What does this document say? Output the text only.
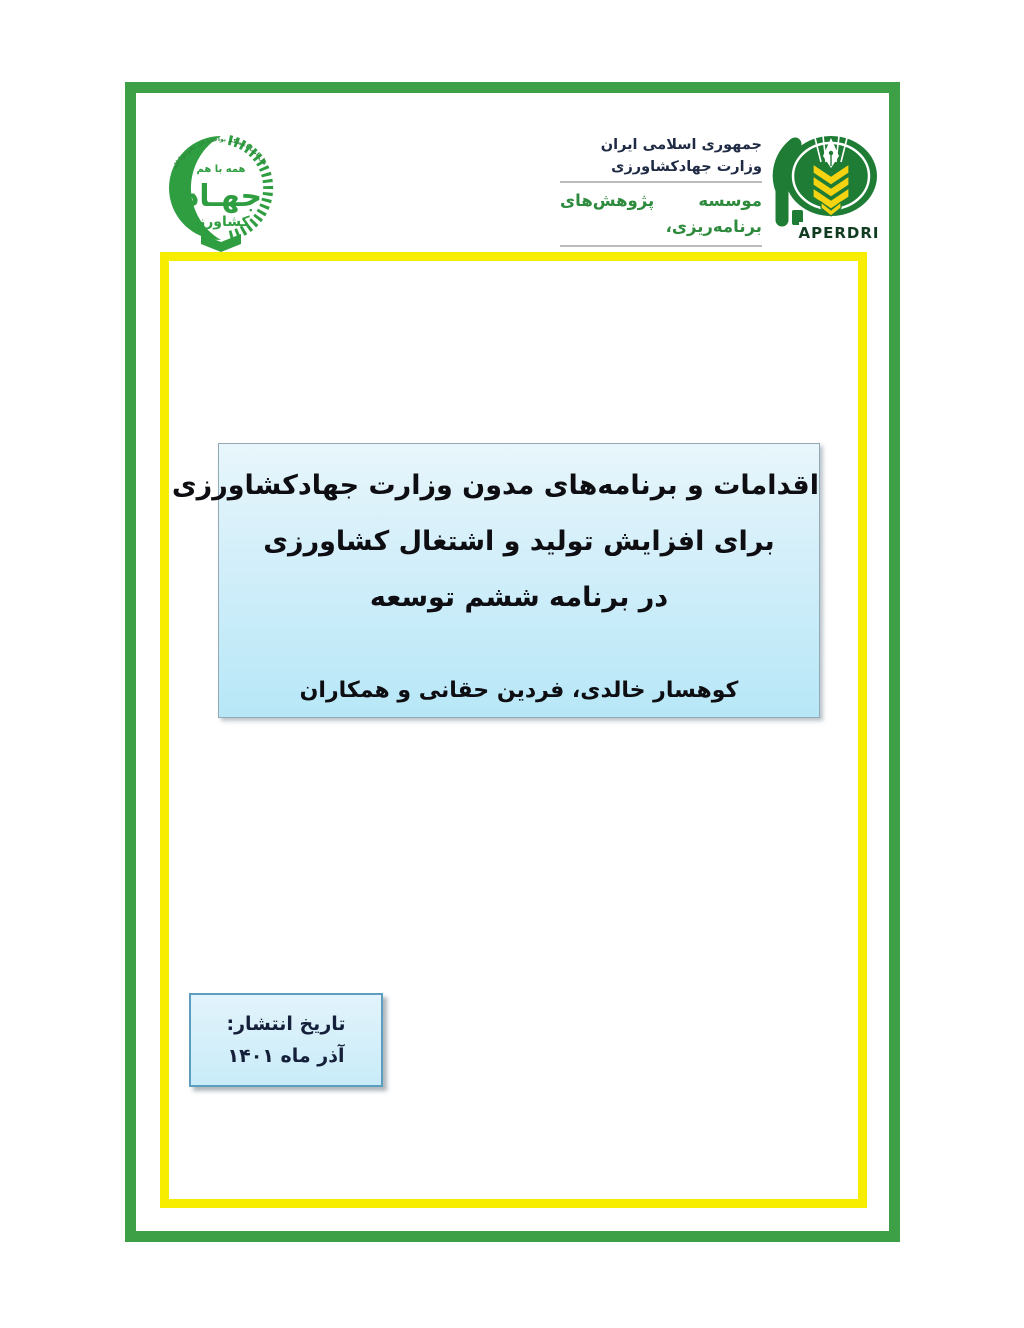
قل انما اعظکم بواحده ان تقوموا لله
همه با هم
جهـاد
کشاورزی
جمهوری اسلامی ایران
وزارت جهادکشاورزی
موسسه پژوهش‌های برنامه‌ریزی، APERDRI
اقدامات و برنامه‌های مدون وزارت جهادکشاورزی
برای افزایش تولید و اشتغال کشاورزی
در برنامه ششم توسعه
کوهسار خالدی، فردین حقانی و همکاران
تاریخ انتشار:
آذر ماه ۱۴۰۱
